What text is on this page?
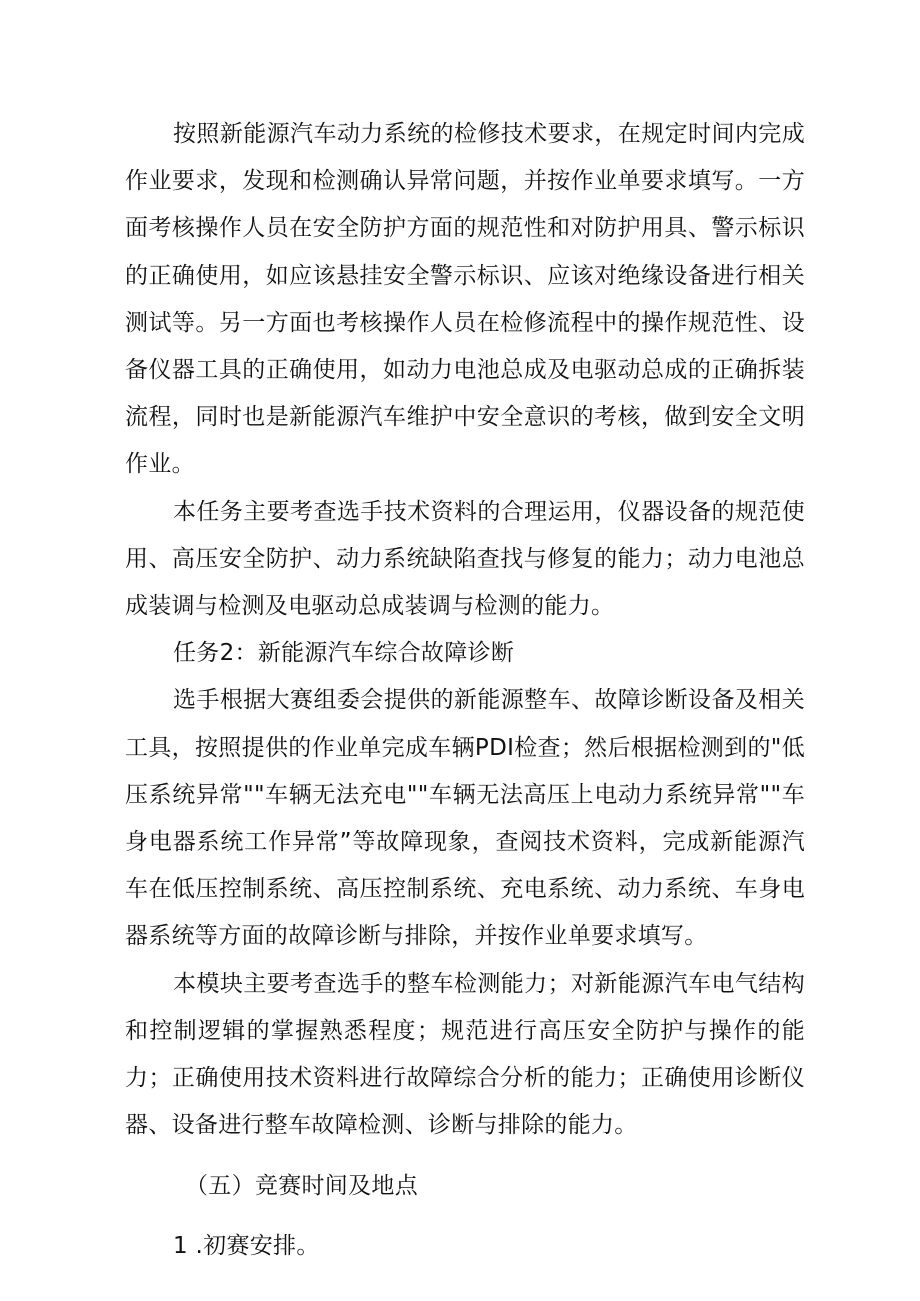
按照新能源汽车动力系统的检修技术要求，在规定时间内完成作业要求，发现和检测确认异常问题，并按作业单要求填写。一方面考核操作人员在安全防护方面的规范性和对防护用具、警示标识的正确使用，如应该悬挂安全警示标识、应该对绝缘设备进行相关测试等。另一方面也考核操作人员在检修流程中的操作规范性、设备仪器工具的正确使用，如动力电池总成及电驱动总成的正确拆装流程，同时也是新能源汽车维护中安全意识的考核，做到安全文明作业。

本任务主要考查选手技术资料的合理运用，仪器设备的规范使用、高压安全防护、动力系统缺陷查找与修复的能力；动力电池总成装调与检测及电驱动总成装调与检测的能力。

任务2：新能源汽车综合故障诊断

选手根据大赛组委会提供的新能源整车、故障诊断设备及相关工具，按照提供的作业单完成车辆PDI检查；然后根据检测到的"低压系统异常""车辆无法充电""车辆无法高压上电动力系统异常""车身电器系统工作异常”等故障现象，查阅技术资料，完成新能源汽车在低压控制系统、高压控制系统、充电系统、动力系统、车身电器系统等方面的故障诊断与排除，并按作业单要求填写。

本模块主要考查选手的整车检测能力；对新能源汽车电气结构和控制逻辑的掌握熟悉程度；规范进行高压安全防护与操作的能力；正确使用技术资料进行故障综合分析的能力；正确使用诊断仪器、设备进行整车故障检测、诊断与排除的能力。

（五）竞赛时间及地点

1 .初赛安排。
